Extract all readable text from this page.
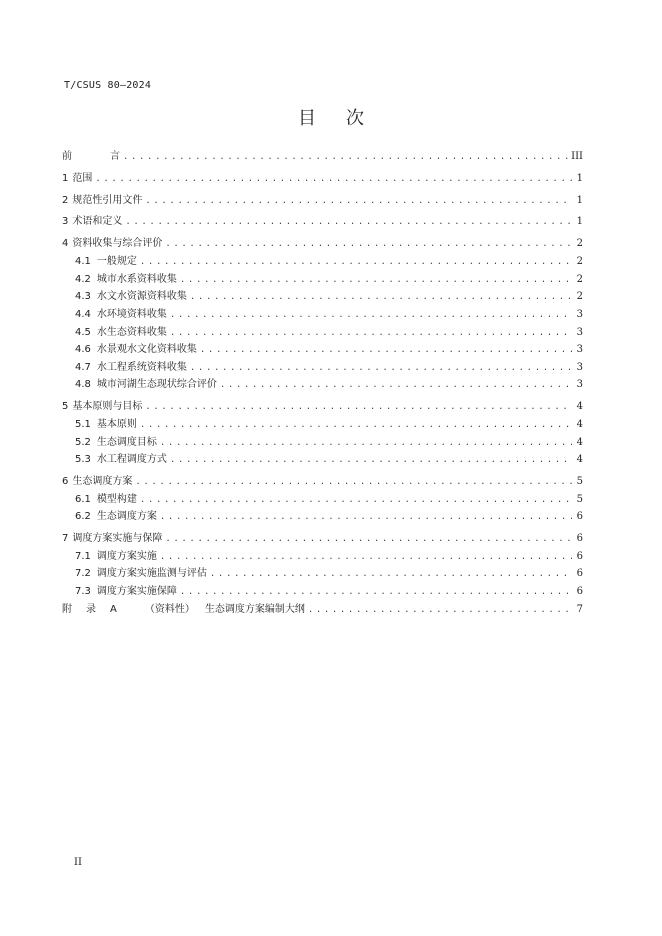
T/CSUS 80—2024
目次
前	言 .....	III
1 范围 .....	1
2 规范性引用文件 .....	1
3 术语和定义 .....	1
4 资料收集与综合评价 .....	2
4.1 一般规定 .....	2
4.2 城市水系资料收集 .....	2
4.3 水文水资源资料收集 .....	2
4.4 水环境资料收集 .....	3
4.5 水生态资料收集 .....	3
4.6 水景观水文化资料收集 .....	3
4.7 水工程系统资料收集 .....	3
4.8 城市河湖生态现状综合评价 .....	3
5 基本原则与目标 .....	4
5.1 基本原则 .....	4
5.2 生态调度目标 .....	4
5.3 水工程调度方式 .....	4
6 生态调度方案 .....	5
6.1 模型构建 .....	5
6.2 生态调度方案 .....	6
7 调度方案实施与保障 .....	6
7.1 调度方案实施 .....	6
7.2 调度方案实施监测与评估 .....	6
7.3 调度方案实施保障 .....	6
附 录 A	（资料性） 生态调度方案编制大纲 .....	7
II
